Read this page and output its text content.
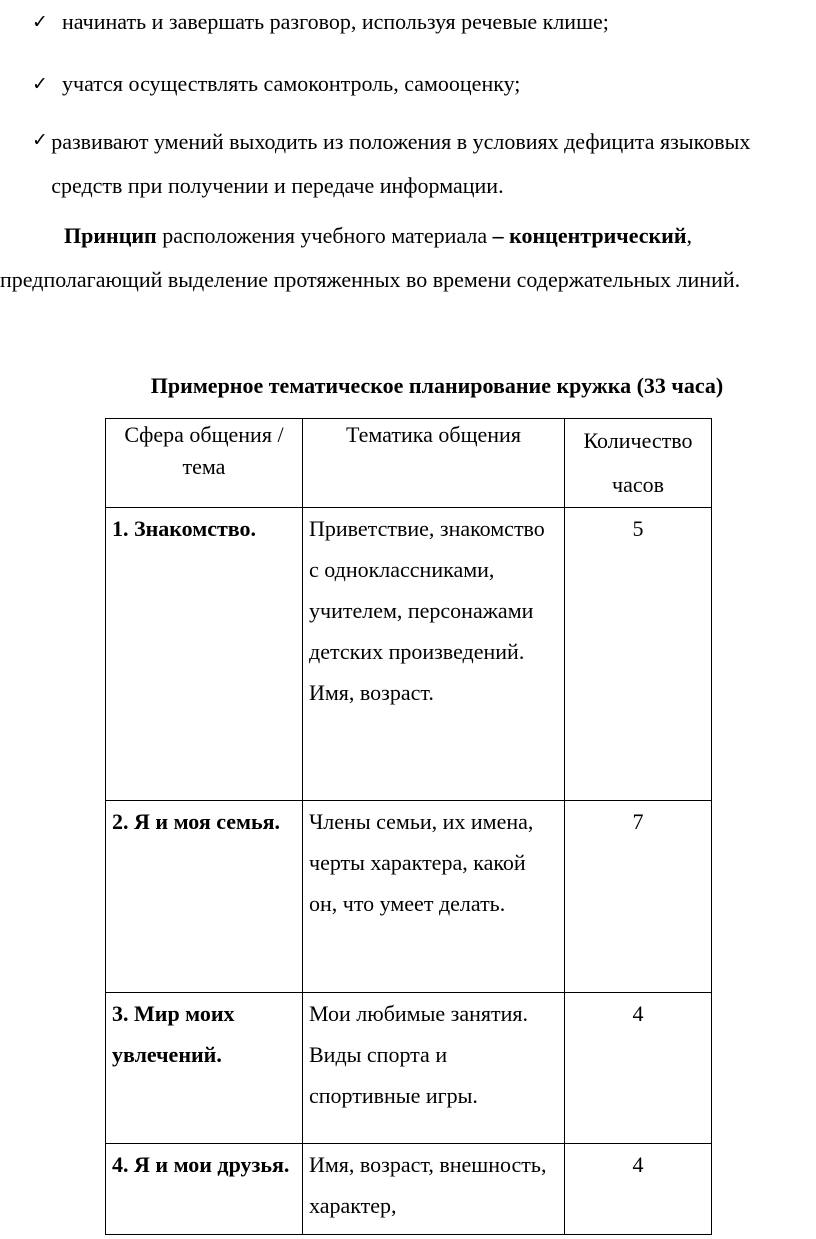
✓ начинать и завершать разговор, используя речевые клише;
✓ учатся осуществлять самоконтроль, самооценку;
✓ развивают умений выходить из положения в условиях дефицита языковых средств при получении и передаче информации.
Принцип расположения учебного материала – концентрический, предполагающий выделение протяженных во времени содержательных линий.
Примерное тематическое планирование кружка (33 часа)
Сфера общения /тема	Тематика общения	Количество часов
1. Знакомство.	Приветствие, знакомство с одноклассниками, учителем, персонажами детских произведений. Имя, возраст.	5
2. Я и моя семья.	Члены семьи, их имена, черты характера, какой он, что умеет делать.	7
3. Мир моих увлечений.	Мои любимые занятия. Виды спорта и спортивные игры.	4
4. Я и мои друзья.	Имя, возраст, внешность, характер,	4
